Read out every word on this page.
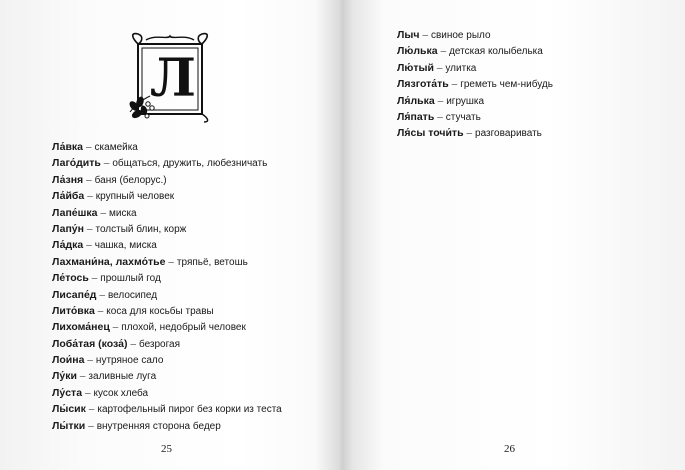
Л
Ла́вка – скамейка
Лаго́дить – общаться, дружить, любезничать
Ла́зня – баня (белорус.)
Ла́йба – крупный человек
Лапе́шка – миска
Лапу́н – толстый блин, корж
Ла́дка – чашка, миска
Лахмани́на, лахмо́тье – тряпьё, ветошь
Ле́тось – прошлый год
Лисапе́д – велосипед
Лито́вка – коса для косьбы травы
Лихома́нец – плохой, недобрый человек
Лоба́тая (коза́) – безрогая
Лои́на – нутряное сало
Лу́ки – заливные луга
Лу́ста – кусок хлеба
Лы́сик – картофельный пирог без корки из теста
Лы́тки – внутренняя сторона бедер
25
Лыч – свиное рыло
Лю́лька – детская колыбелька
Лю́тый – улитка
Лязгота́ть – греметь чем-нибудь
Ля́лька – игрушка
Ля́пать – стучать
Ля́сы точи́ть – разговаривать
26
